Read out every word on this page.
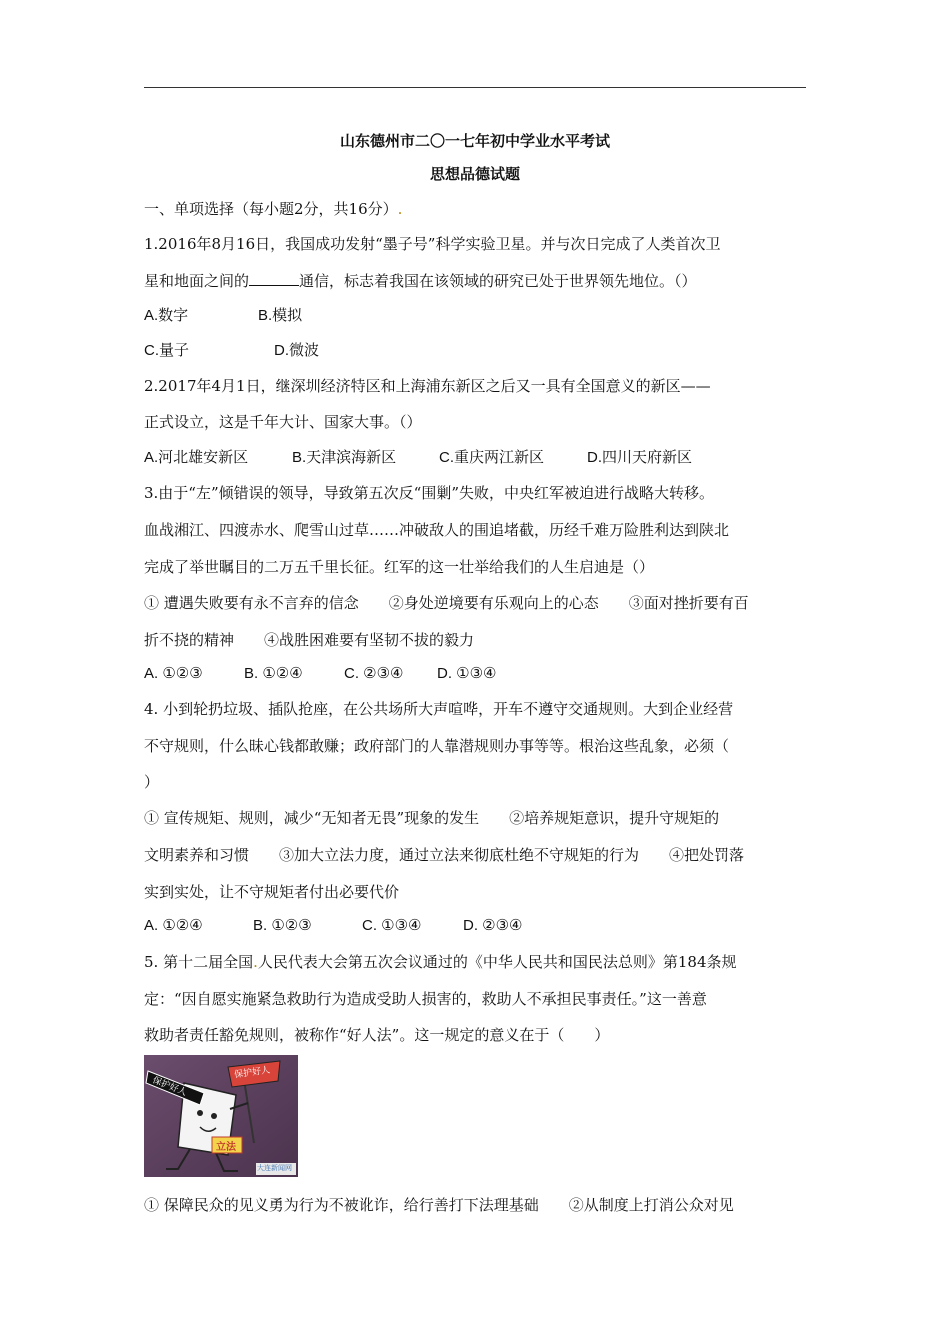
山东德州市二〇一七年初中学业水平考试
思想品德试题
一、单项选择（每小题2分，共16分）.
1.2016年8月16日，我国成功发射“墨子号”科学实验卫星。并与次日完成了人类首次卫
星和地面之间的	通信，标志着我国在该领域的研究已处于世界领先地位。（）
A.数字	B.模拟
C.量子	D.微波
2.2017年4月1日，继深圳经济特区和上海浦东新区之后又一具有全国意义的新区——
正式设立，这是千年大计、国家大事。（）
A.河北雄安新区	B.天津滨海新区	C.重庆两江新区	D.四川天府新区
3.由于“左”倾错误的领导，导致第五次反“围剿”失败，中央红军被迫进行战略大转移。
血战湘江、四渡赤水、爬雪山过草……冲破敌人的围追堵截，历经千难万险胜利达到陕北
完成了举世瞩目的二万五千里长征。红军的这一壮举给我们的人生启迪是（）
① 遭遇失败要有永不言弃的信念　　②身处逆境要有乐观向上的心态　　③面对挫折要有百
折不挠的精神　　④战胜困难要有坚韧不拔的毅力
A. ①②③	B. ①②④	C. ②③④ D. ①③④
4. 小到轮扔垃圾、插队抢座，在公共场所大声喧哗，开车不遵守交通规则。大到企业经营
不守规则，什么昧心钱都敢赚；政府部门的人靠潜规则办事等等。根治这些乱象，必须（
）
① 宣传规矩、规则，减少“无知者无畏”现象的发生　　②培养规矩意识，提升守规矩的
文明素养和习惯　　③加大立法力度，通过立法来彻底杜绝不守规矩的行为　　④把处罚落
实到实处，让不守规矩者付出必要代价
A. ①②④	B. ①②③	C. ①③④	D. ②③④
5. 第十二届全国.人民代表大会第五次会议通过的《中华人民共和国民法总则》第184条规
定：“因自愿实施紧急救助行为造成受助人损害的，救助人不承担民事责任。”这一善意
救助者责任豁免规则，被称作“好人法”。这一规定的意义在于（　　）
保护好人
保护好人
立法
大连新闻网
① 保障民众的见义勇为行为不被讹诈，给行善打下法理基础　　②从制度上打消公众对见
